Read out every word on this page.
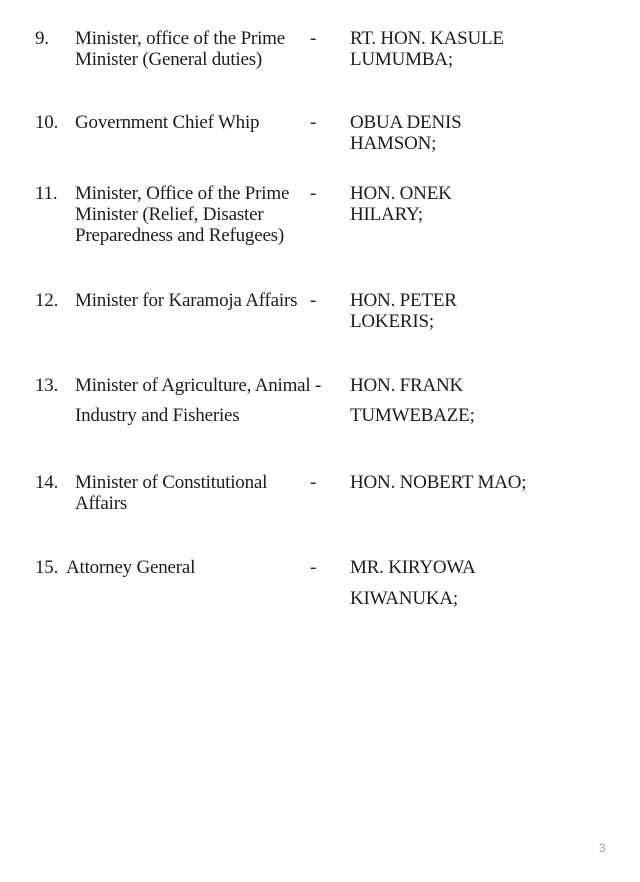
9. Minister, office of the Prime
Minister (General duties)
- RT. HON. KASULE
LUMUMBA;
10. Government Chief Whip	- OBUA DENIS
HAMSON;
11. Minister, Office of the Prime
Minister (Relief, Disaster
Preparedness and Refugees)
- HON. ONEK
HILARY;
12. Minister for Karamoja Affairs - HON. PETER
LOKERIS;
13. Minister of Agriculture, Animal
Industry and Fisheries
- HON. FRANK
TUMWEBAZE;
14. Minister of Constitutional
Affairs
- HON. NOBERT MAO;
15. Attorney General	- MR. KIRYOWA
KIWANUKA;
3
